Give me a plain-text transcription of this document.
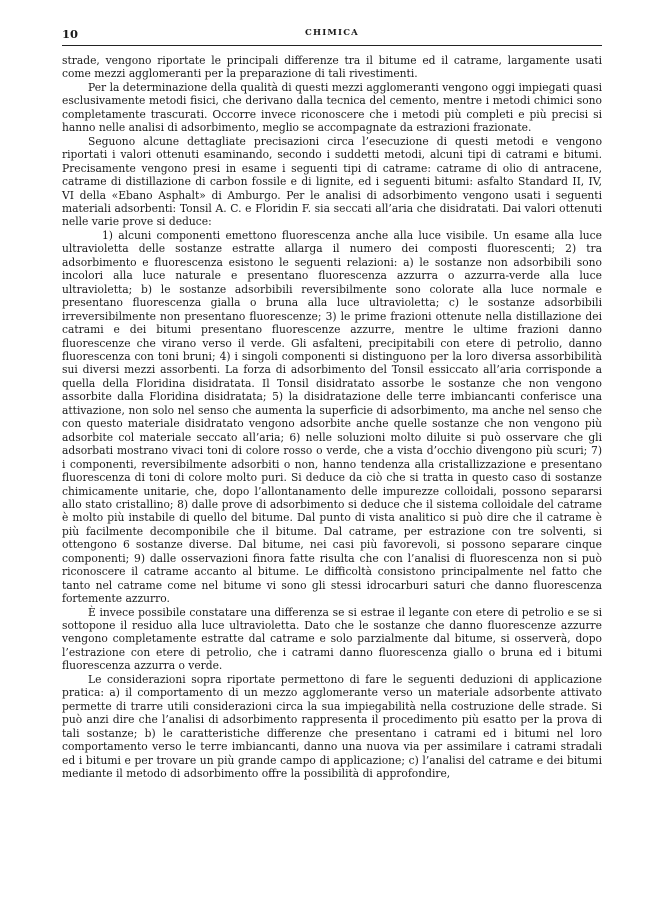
10	CHIMICA

strade, vengono riportate le principali differenze tra il bitume ed il catrame, largamente usati come mezzi agglomeranti per la preparazione di tali rivestimenti.

Per la determinazione della qualità di questi mezzi agglomeranti vengono oggi impiegati quasi esclusivamente metodi fisici, che derivano dalla tecnica del cemento, mentre i metodi chimici sono completamente trascurati. Occorre invece riconoscere che i metodi più completi e più precisi si hanno nelle analisi di adsorbimento, meglio se accompagnate da estrazioni frazionate.

Seguono alcune dettagliate precisazioni circa l’esecuzione di questi metodi e vengono riportati i valori ottenuti esaminando, secondo i suddetti metodi, alcuni tipi di catrami e bitumi. Precisamente vengono presi in esame i seguenti tipi di catrame: catrame di olio di antracene, catrame di distillazione di carbon fossile e di lignite, ed i seguenti bitumi: asfalto Standard II, IV, VI della «Ebano Asphalt» di Amburgo. Per le analisi di adsorbimento vengono usati i seguenti materiali adsorbenti: Tonsil A. C. e Floridin F. sia seccati all’aria che disidratati. Dai valori ottenuti nelle varie prove si deduce:

1) alcuni componenti emettono fluorescenza anche alla luce visibile. Un esame alla luce ultravioletta delle sostanze estratte allarga il numero dei composti fluorescenti; 2) tra adsorbimento e fluorescenza esistono le seguenti relazioni: a) le sostanze non adsorbibili sono incolori alla luce naturale e presentano fluorescenza azzurra o azzurra-verde alla luce ultravioletta; b) le sostanze adsorbibili reversibilmente sono colorate alla luce normale e presentano fluorescenza gialla o bruna alla luce ultravioletta; c) le sostanze adsorbibili irreversibilmente non presentano fluorescenze; 3) le prime frazioni ottenute nella distillazione dei catrami e dei bitumi presentano fluorescenze azzurre, mentre le ultime frazioni danno fluorescenze che virano verso il verde. Gli asfalteni, precipitabili con etere di petrolio, danno fluorescenza con toni bruni; 4) i singoli componenti si distinguono per la loro diversa assorbibilità sui diversi mezzi assorbenti. La forza di adsorbimento del Tonsil essiccato all’aria corrisponde a quella della Floridina disidratata. Il Tonsil disidratato assorbe le sostanze che non vengono assorbite dalla Floridina disidratata; 5) la disidratazione delle terre imbiancanti conferisce una attivazione, non solo nel senso che aumenta la superficie di adsorbimento, ma anche nel senso che con questo materiale disidratato vengono adsorbite anche quelle sostanze che non vengono più adsorbite col materiale seccato all’aria; 6) nelle soluzioni molto diluite si può osservare che gli adsorbati mostrano vivaci toni di colore rosso o verde, che a vista d’occhio divengono più scuri; 7) i componenti, reversibilmente adsorbiti o non, hanno tendenza alla cristallizzazione e presentano fluorescenza di toni di colore molto puri. Si deduce da ciò che si tratta in questo caso di sostanze chimicamente unitarie, che, dopo l’allontanamento delle impurezze colloidali, possono separarsi allo stato cristallino; 8) dalle prove di adsorbimento si deduce che il sistema colloidale del catrame è molto più instabile di quello del bitume. Dal punto di vista analitico si può dire che il catrame è più facilmente decomponibile che il bitume. Dal catrame, per estrazione con tre solventi, si ottengono 6 sostanze diverse. Dal bitume, nei casi più favorevoli, si possono separare cinque componenti; 9) dalle osservazioni finora fatte risulta che con l’analisi di fluorescenza non si può riconoscere il catrame accanto al bitume. Le difficoltà consistono principalmente nel fatto che tanto nel catrame come nel bitume vi sono gli stessi idrocarburi saturi che danno fluorescenza fortemente azzurro.

È invece possibile constatare una differenza se si estrae il legante con etere di petrolio e se si sottopone il residuo alla luce ultravioletta. Dato che le sostanze che danno fluorescenze azzurre vengono completamente estratte dal catrame e solo parzialmente dal bitume, si osserverà, dopo l’estrazione con etere di petrolio, che i catrami danno fluorescenza giallo o bruna ed i bitumi fluorescenza azzurra o verde.

Le considerazioni sopra riportate permettono di fare le seguenti deduzioni di applicazione pratica: a) il comportamento di un mezzo agglomerante verso un materiale adsorbente attivato permette di trarre utili considerazioni circa la sua impiegabilità nella costruzione delle strade. Si può anzi dire che l’analisi di adsorbimento rappresenta il procedimento più esatto per la prova di tali sostanze; b) le caratteristiche differenze che presentano i catrami ed i bitumi nel loro comportamento verso le terre imbiancanti, danno una nuova via per assimilare i catrami stradali ed i bitumi e per trovare un più grande campo di applicazione; c) l’analisi del catrame e dei bitumi mediante il metodo di adsorbimento offre la possibilità di approfondire,
